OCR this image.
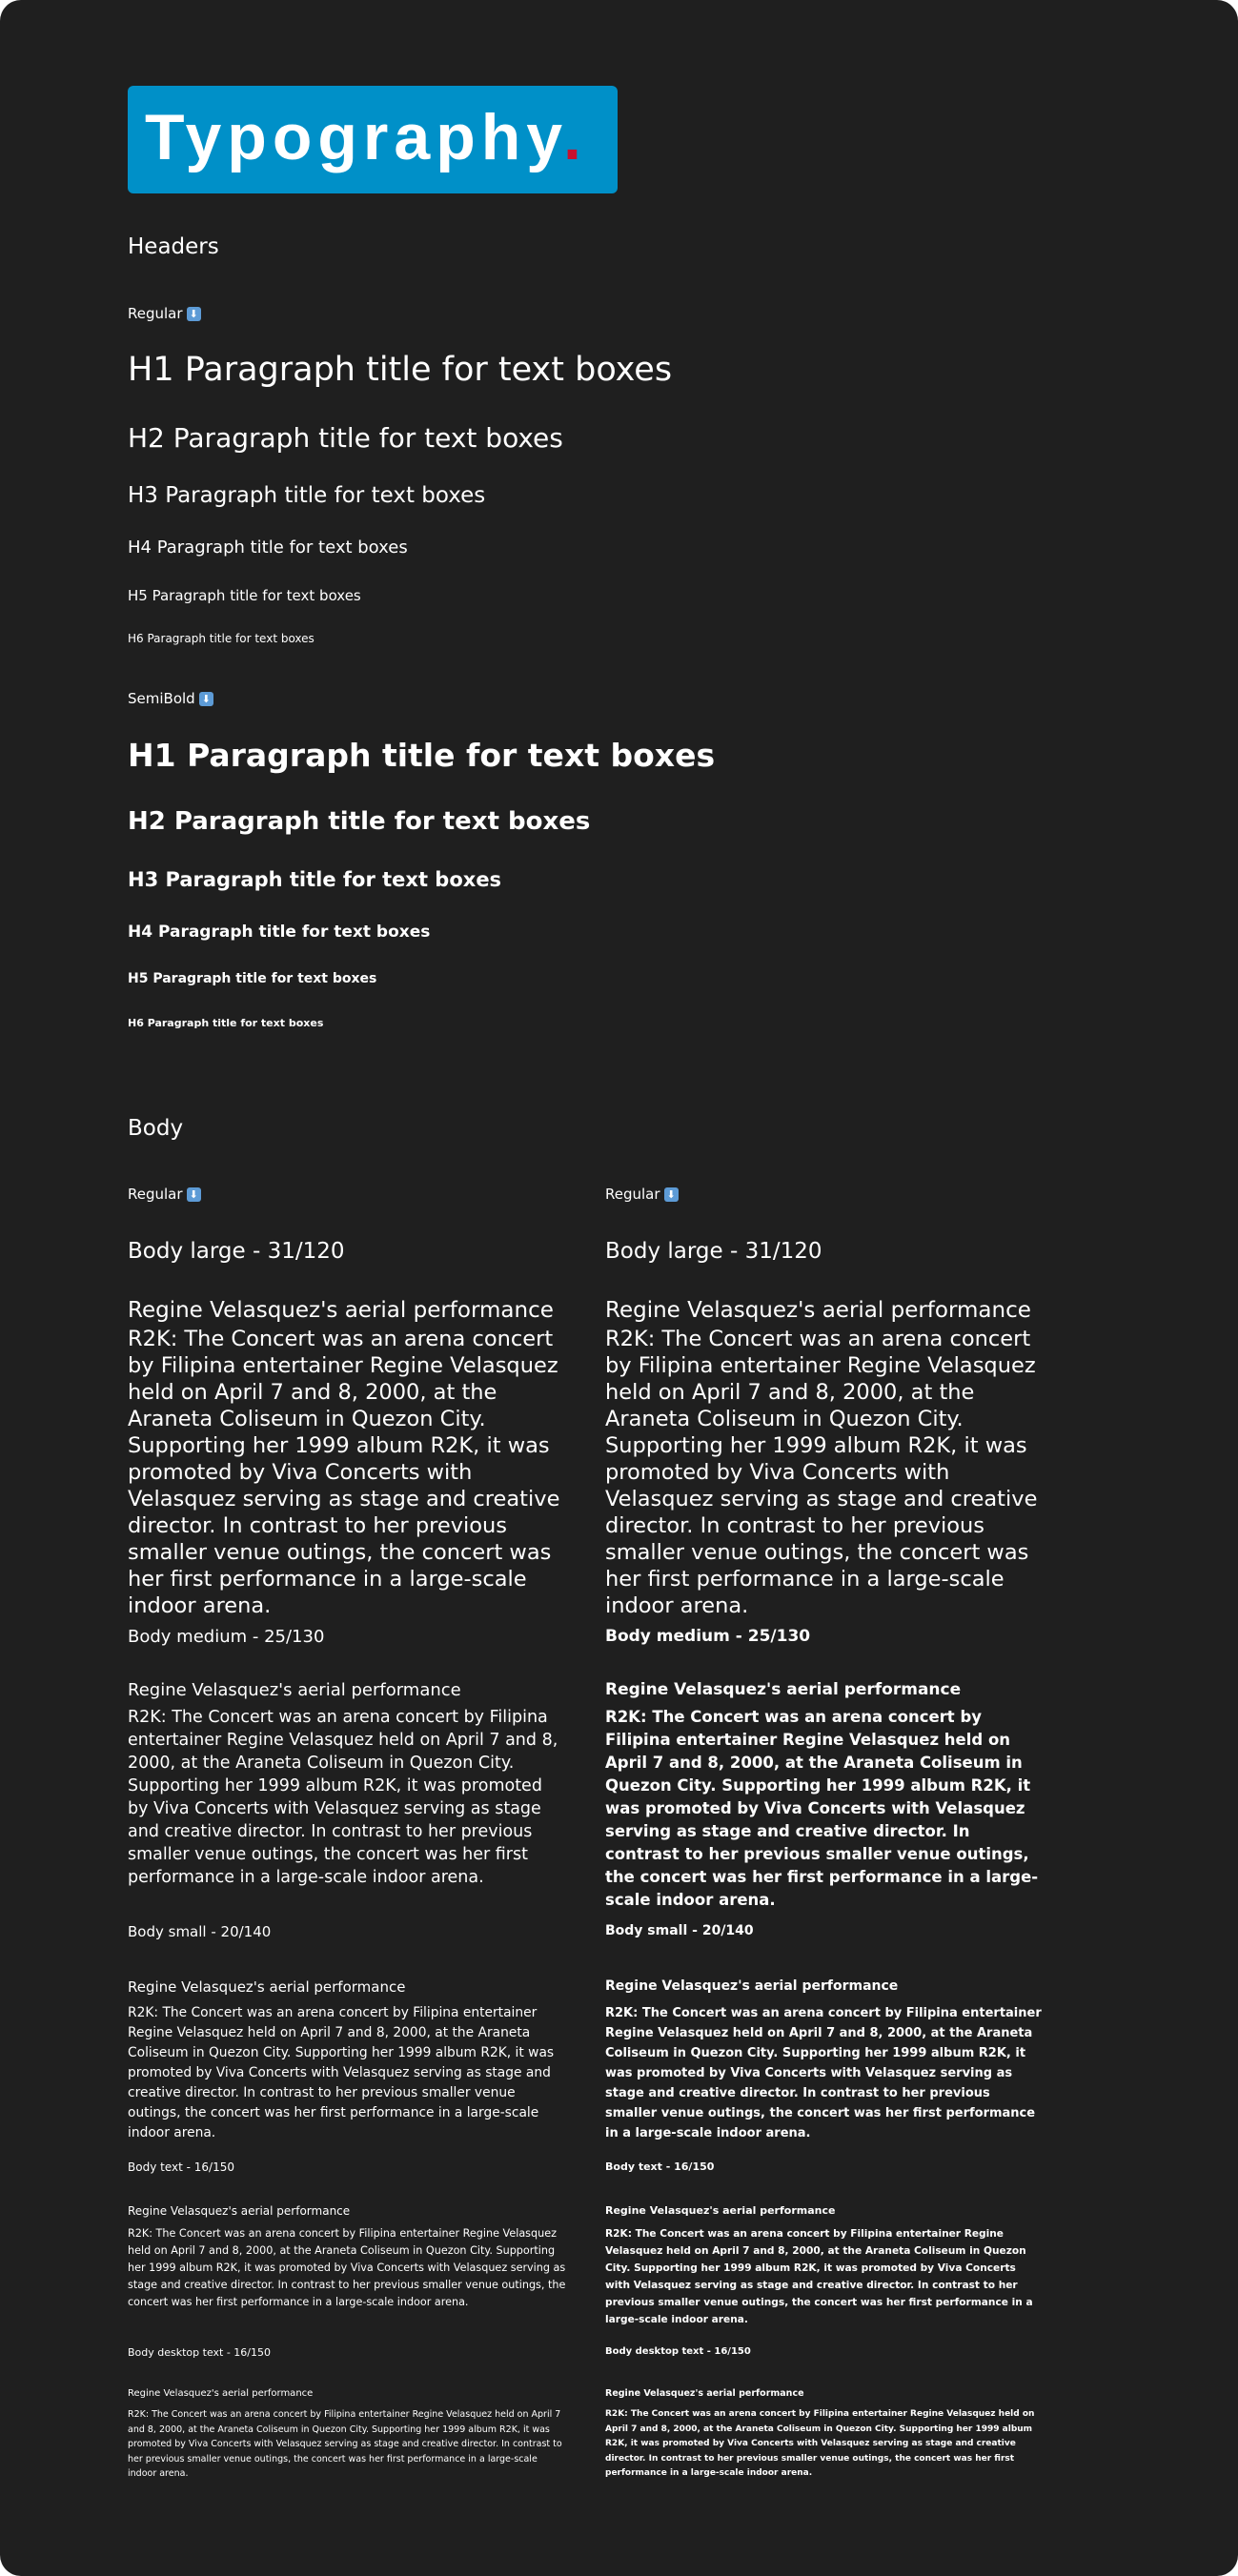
Typography.
Headers
Regular ⬇
H1 Paragraph title for text boxes
H2 Paragraph title for text boxes
H3 Paragraph title for text boxes
H4 Paragraph title for text boxes
H5 Paragraph title for text boxes
H6 Paragraph title for text boxes
SemiBold ⬇
H1 Paragraph title for text boxes
H2 Paragraph title for text boxes
H3 Paragraph title for text boxes
H4 Paragraph title for text boxes
H5 Paragraph title for text boxes
H6 Paragraph title for text boxes
Body
Regular ⬇
Body large - 31/120
Regine Velasquez's aerial performance
R2K: The Concert was an arena concert by Filipina entertainer Regine Velasquez held on April 7 and 8, 2000, at the Araneta Coliseum in Quezon City. Supporting her 1999 album R2K, it was promoted by Viva Concerts with Velasquez serving as stage and creative director. In contrast to her previous smaller venue outings, the concert was her first performance in a large-scale indoor arena.
Body medium - 25/130
Regine Velasquez's aerial performance
R2K: The Concert was an arena concert by Filipina entertainer Regine Velasquez held on April 7 and 8, 2000, at the Araneta Coliseum in Quezon City. Supporting her 1999 album R2K, it was promoted by Viva Concerts with Velasquez serving as stage and creative director. In contrast to her previous smaller venue outings, the concert was her first performance in a large-scale indoor arena.
Body small - 20/140
Regine Velasquez's aerial performance
R2K: The Concert was an arena concert by Filipina entertainer Regine Velasquez held on April 7 and 8, 2000, at the Araneta Coliseum in Quezon City. Supporting her 1999 album R2K, it was promoted by Viva Concerts with Velasquez serving as stage and creative director. In contrast to her previous smaller venue outings, the concert was her first performance in a large-scale indoor arena.
Body text - 16/150
Regine Velasquez's aerial performance
R2K: The Concert was an arena concert by Filipina entertainer Regine Velasquez held on April 7 and 8, 2000, at the Araneta Coliseum in Quezon City. Supporting her 1999 album R2K, it was promoted by Viva Concerts with Velasquez serving as stage and creative director. In contrast to her previous smaller venue outings, the concert was her first performance in a large-scale indoor arena.
Body desktop text - 16/150
Regine Velasquez's aerial performance
R2K: The Concert was an arena concert by Filipina entertainer Regine Velasquez held on April 7 and 8, 2000, at the Araneta Coliseum in Quezon City. Supporting her 1999 album R2K, it was promoted by Viva Concerts with Velasquez serving as stage and creative director. In contrast to her previous smaller venue outings, the concert was her first performance in a large-scale indoor arena.
Regular ⬇
Body large - 31/120
Regine Velasquez's aerial performance
R2K: The Concert was an arena concert by Filipina entertainer Regine Velasquez held on April 7 and 8, 2000, at the Araneta Coliseum in Quezon City. Supporting her 1999 album R2K, it was promoted by Viva Concerts with Velasquez serving as stage and creative director. In contrast to her previous smaller venue outings, the concert was her first performance in a large-scale indoor arena.
Body medium - 25/130
Regine Velasquez's aerial performance
R2K: The Concert was an arena concert by Filipina entertainer Regine Velasquez held on April 7 and 8, 2000, at the Araneta Coliseum in Quezon City. Supporting her 1999 album R2K, it was promoted by Viva Concerts with Velasquez serving as stage and creative director. In contrast to her previous smaller venue outings, the concert was her first performance in a large-scale indoor arena.
Body small - 20/140
Regine Velasquez's aerial performance
R2K: The Concert was an arena concert by Filipina entertainer Regine Velasquez held on April 7 and 8, 2000, at the Araneta Coliseum in Quezon City. Supporting her 1999 album R2K, it was promoted by Viva Concerts with Velasquez serving as stage and creative director. In contrast to her previous smaller venue outings, the concert was her first performance in a large-scale indoor arena.
Body text - 16/150
Regine Velasquez's aerial performance
R2K: The Concert was an arena concert by Filipina entertainer Regine Velasquez held on April 7 and 8, 2000, at the Araneta Coliseum in Quezon City. Supporting her 1999 album R2K, it was promoted by Viva Concerts with Velasquez serving as stage and creative director. In contrast to her previous smaller venue outings, the concert was her first performance in a large-scale indoor arena.
Body desktop text - 16/150
Regine Velasquez's aerial performance
R2K: The Concert was an arena concert by Filipina entertainer Regine Velasquez held on April 7 and 8, 2000, at the Araneta Coliseum in Quezon City. Supporting her 1999 album R2K, it was promoted by Viva Concerts with Velasquez serving as stage and creative director. In contrast to her previous smaller venue outings, the concert was her first performance in a large-scale indoor arena.
